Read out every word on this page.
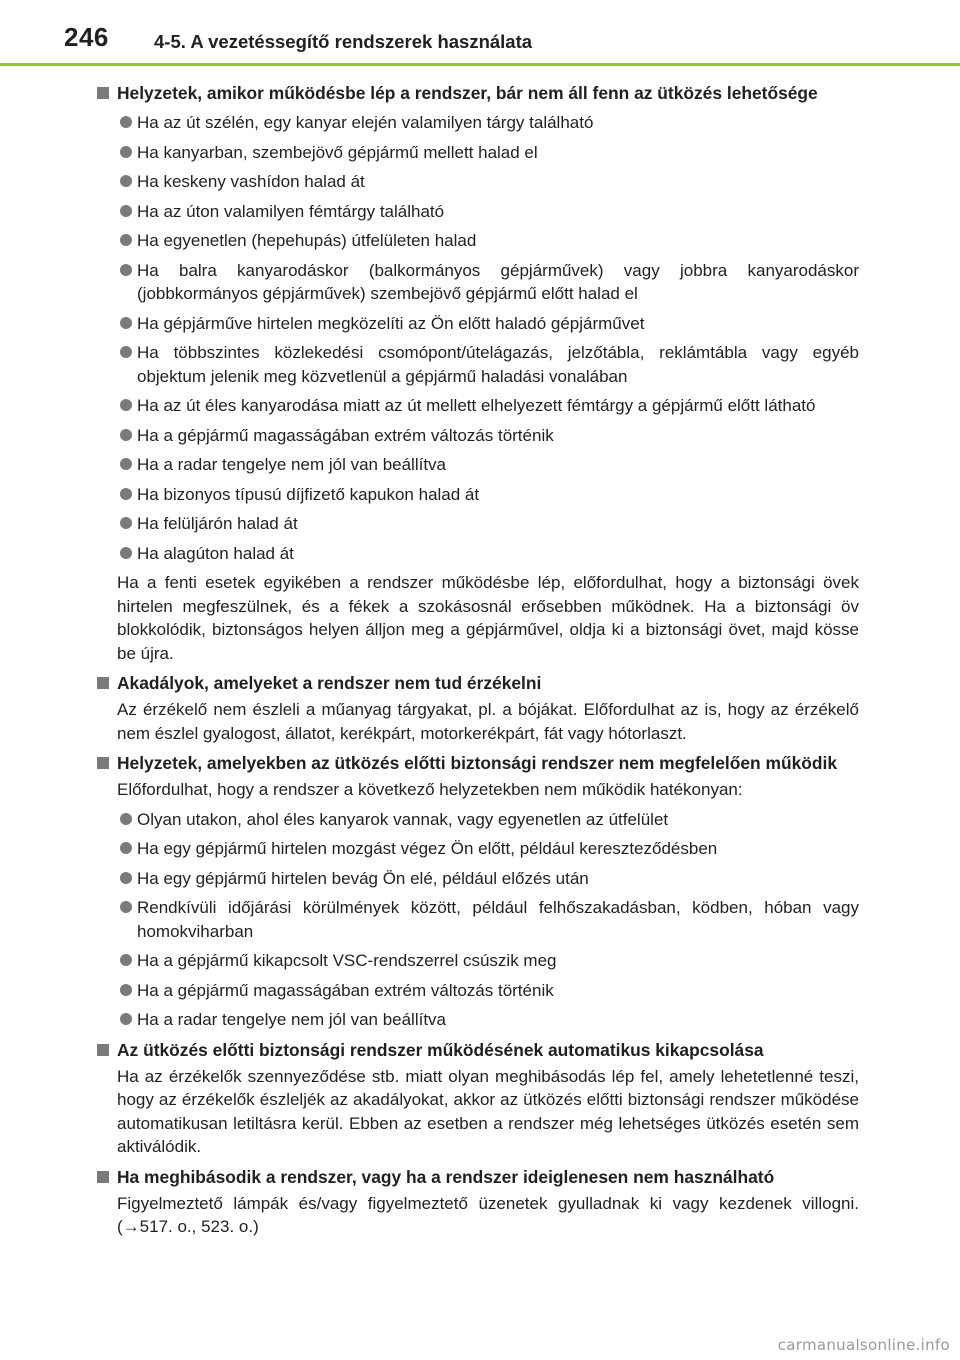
246 4-5. A vezetéssegítő rendszerek használata
Helyzetek, amikor működésbe lép a rendszer, bár nem áll fenn az ütközés lehetősége
Ha az út szélén, egy kanyar elején valamilyen tárgy található
Ha kanyarban, szembejövő gépjármű mellett halad el
Ha keskeny vashídon halad át
Ha az úton valamilyen fémtárgy található
Ha egyenetlen (hepehupás) útfelületen halad
Ha balra kanyarodáskor (balkormányos gépjárművek) vagy jobbra kanyarodáskor (jobbkormányos gépjárművek) szembejövő gépjármű előtt halad el
Ha gépjárműve hirtelen megközelíti az Ön előtt haladó gépjárművet
Ha többszintes közlekedési csomópont/útelágazás, jelzőtábla, reklámtábla vagy egyéb objektum jelenik meg közvetlenül a gépjármű haladási vonalában
Ha az út éles kanyarodása miatt az út mellett elhelyezett fémtárgy a gépjármű előtt látható
Ha a gépjármű magasságában extrém változás történik
Ha a radar tengelye nem jól van beállítva
Ha bizonyos típusú díjfizető kapukon halad át
Ha felüljárón halad át
Ha alagúton halad át

Ha a fenti esetek egyikében a rendszer működésbe lép, előfordulhat, hogy a biztonsági övek hirtelen megfeszülnek, és a fékek a szokásosnál erősebben működnek. Ha a biztonsági öv blokkolódik, biztonságos helyen álljon meg a gépjárművel, oldja ki a biztonsági övet, majd kösse be újra.

Akadályok, amelyeket a rendszer nem tud érzékelni

Az érzékelő nem észleli a műanyag tárgyakat, pl. a bójákat. Előfordulhat az is, hogy az érzékelő nem észlel gyalogost, állatot, kerékpárt, motorkerékpárt, fát vagy hótorlaszt.

Helyzetek, amelyekben az ütközés előtti biztonsági rendszer nem megfelelően működik

Előfordulhat, hogy a rendszer a következő helyzetekben nem működik hatékonyan:

Olyan utakon, ahol éles kanyarok vannak, vagy egyenetlen az útfelület
Ha egy gépjármű hirtelen mozgást végez Ön előtt, például kereszteződésben
Ha egy gépjármű hirtelen bevág Ön elé, például előzés után
Rendkívüli időjárási körülmények között, például felhőszakadásban, ködben, hóban vagy homokviharban
Ha a gépjármű kikapcsolt VSC-rendszerrel csúszik meg
Ha a gépjármű magasságában extrém változás történik
Ha a radar tengelye nem jól van beállítva
Az ütközés előtti biztonsági rendszer működésének automatikus kikapcsolása

Ha az érzékelők szennyeződése stb. miatt olyan meghibásodás lép fel, amely lehetetlenné teszi, hogy az érzékelők észleljék az akadályokat, akkor az ütközés előtti biztonsági rendszer működése automatikusan letiltásra kerül. Ebben az esetben a rendszer még lehetséges ütközés esetén sem aktiválódik.

Ha meghibásodik a rendszer, vagy ha a rendszer ideiglenesen nem használható

Figyelmeztető lámpák és/vagy figyelmeztető üzenetek gyulladnak ki vagy kezdenek villogni. (→517. o., 523. o.)

carmanualsonline.info
